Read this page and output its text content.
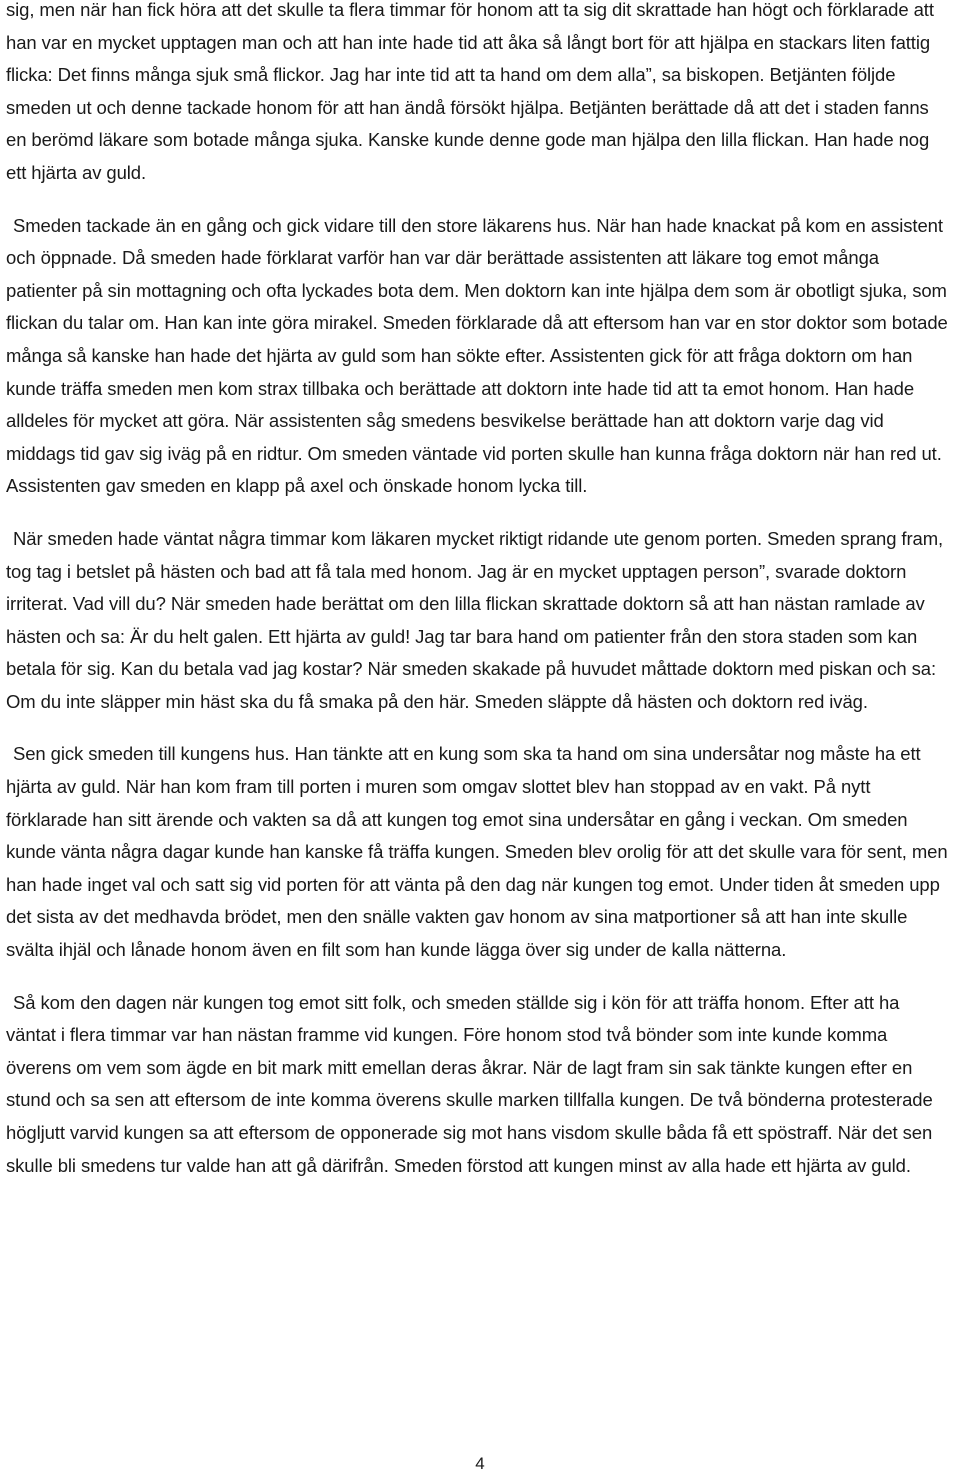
sig, men när han fick höra att det skulle ta flera timmar för honom att ta sig dit skrattade han högt och förklarade att han var en mycket upptagen man och att han inte hade tid att åka så långt bort för att hjälpa en stackars liten fattig flicka: Det finns många sjuk små flickor. Jag har inte tid att ta hand om dem alla”, sa biskopen. Betjänten följde smeden ut och denne tackade honom för att han ändå försökt hjälpa. Betjänten berättade då att det i staden fanns en berömd läkare som botade många sjuka. Kanske kunde denne gode man hjälpa den lilla flickan. Han hade nog ett hjärta av guld.

Smeden tackade än en gång och gick vidare till den store läkarens hus. När han hade knackat på kom en assistent och öppnade. Då smeden hade förklarat varför han var där berättade assistenten att läkare tog emot många patienter på sin mottagning och ofta lyckades bota dem. Men doktorn kan inte hjälpa dem som är obotligt sjuka, som flickan du talar om. Han kan inte göra mirakel. Smeden förklarade då att eftersom han var en stor doktor som botade många så kanske han hade det hjärta av guld som han sökte efter. Assistenten gick för att fråga doktorn om han kunde träffa smeden men kom strax tillbaka och berättade att doktorn inte hade tid att ta emot honom. Han hade alldeles för mycket att göra. När assistenten såg smedens besvikelse berättade han att doktorn varje dag vid middags tid gav sig iväg på en ridtur. Om smeden väntade vid porten skulle han kunna fråga doktorn när han red ut. Assistenten gav smeden en klapp på axel och önskade honom lycka till.

När smeden hade väntat några timmar kom läkaren mycket riktigt ridande ute genom porten. Smeden sprang fram, tog tag i betslet på hästen och bad att få tala med honom. Jag är en mycket upptagen person”, svarade doktorn irriterat. Vad vill du? När smeden hade berättat om den lilla flickan skrattade doktorn så att han nästan ramlade av hästen och sa: Är du helt galen. Ett hjärta av guld! Jag tar bara hand om patienter från den stora staden som kan betala för sig. Kan du betala vad jag kostar? När smeden skakade på huvudet måttade doktorn med piskan och sa: Om du inte släpper min häst ska du få smaka på den här. Smeden släppte då hästen och doktorn red iväg.

Sen gick smeden till kungens hus. Han tänkte att en kung som ska ta hand om sina undersåtar nog måste ha ett hjärta av guld. När han kom fram till porten i muren som omgav slottet blev han stoppad av en vakt. På nytt förklarade han sitt ärende och vakten sa då att kungen tog emot sina undersåtar en gång i veckan. Om smeden kunde vänta några dagar kunde han kanske få träffa kungen. Smeden blev orolig för att det skulle vara för sent, men han hade inget val och satt sig vid porten för att vänta på den dag när kungen tog emot. Under tiden åt smeden upp det sista av det medhavda brödet, men den snälle vakten gav honom av sina matportioner så att han inte skulle svälta ihjäl och lånade honom även en filt som han kunde lägga över sig under de kalla nätterna.

Så kom den dagen när kungen tog emot sitt folk, och smeden ställde sig i kön för att träffa honom. Efter att ha väntat i flera timmar var han nästan framme vid kungen. Före honom stod två bönder som inte kunde komma överens om vem som ägde en bit mark mitt emellan deras åkrar. När de lagt fram sin sak tänkte kungen efter en stund och sa sen att eftersom de inte komma överens skulle marken tillfalla kungen. De två bönderna protesterade högljutt varvid kungen sa att eftersom de opponerade sig mot hans visdom skulle båda få ett spöstraff. När det sen skulle bli smedens tur valde han att gå därifrån. Smeden förstod att kungen minst av alla hade ett hjärta av guld.

4
